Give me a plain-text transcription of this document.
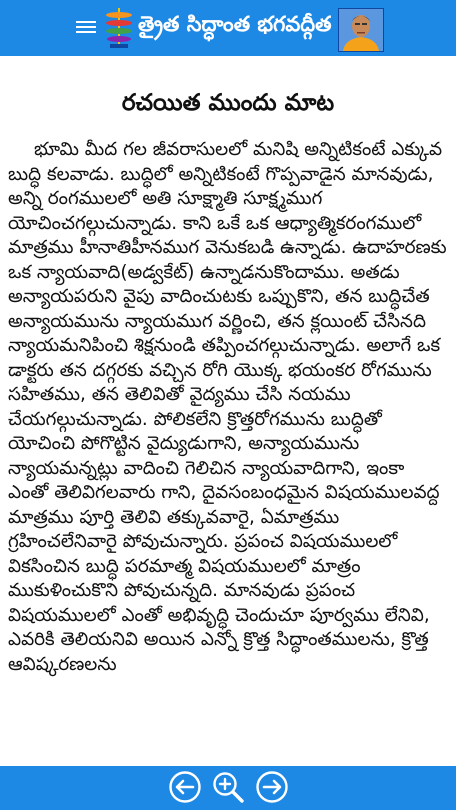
త్రైత సిద్ధాంత భగవద్గీత
రచయిత ముందు మాట
భూమి మీద గల జీవరాసులలో మనిషి అన్నిటికంటే ఎక్కువ బుద్ధి కలవాడు. బుద్ధిలో అన్నిటికంటే గొప్పవాడైన మానవుడు, అన్ని రంగములలో అతి సూక్ష్మాతి సూక్ష్మముగ యోచించగల్గుచున్నాడు. కాని ఒకే ఒక ఆధ్యాత్మికరంగములో మాత్రము హీనాతిహీనముగ వెనుకబడి ఉన్నాడు. ఉదాహరణకు ఒక న్యాయవాది(అడ్వకేట్) ఉన్నాడనుకొందాము. అతడు అన్యాయపరుని వైపు వాదించుటకు ఒప్పుకొని, తన బుద్ధిచేత అన్యాయమును న్యాయముగ వర్ణించి, తన క్లయింట్ చేసినది న్యాయమనిపించి శిక్షనుండి తప్పించగల్గుచున్నాడు. అలాగే ఒక డాక్టరు తన దగ్గరకు వచ్చిన రోగి యొక్క భయంకర రోగమును సహితము, తన తెలివితో వైద్యము చేసి నయము చేయగల్గుచున్నాడు. పోలికలేని క్రొత్తరోగమును బుద్ధితో యోచించి పోగొట్టిన వైద్యుడుగాని, అన్యాయమును న్యాయమన్నట్లు వాదించి గెలిచిన న్యాయవాదిగాని, ఇంకా ఎంతో తెలివిగలవారు గాని, దైవసంబంధమైన విషయములవద్ద మాత్రము పూర్తి తెలివి తక్కువవారై, ఏమాత్రము గ్రహించలేనివారై పోవుచున్నారు. ప్రపంచ విషయములలో వికసించిన బుద్ధి పరమాత్మ విషయములలో మాత్రం ముకుళించుకొని పోవుచున్నది. మానవుడు ప్రపంచ విషయములలో ఎంతో అభివృద్ధి చెందుచూ పూర్వము లేనివి, ఎవరికి తెలియనివి అయిన ఎన్నో క్రొత్త సిద్ధాంతములను, క్రొత్త ఆవిష్కరణలను
